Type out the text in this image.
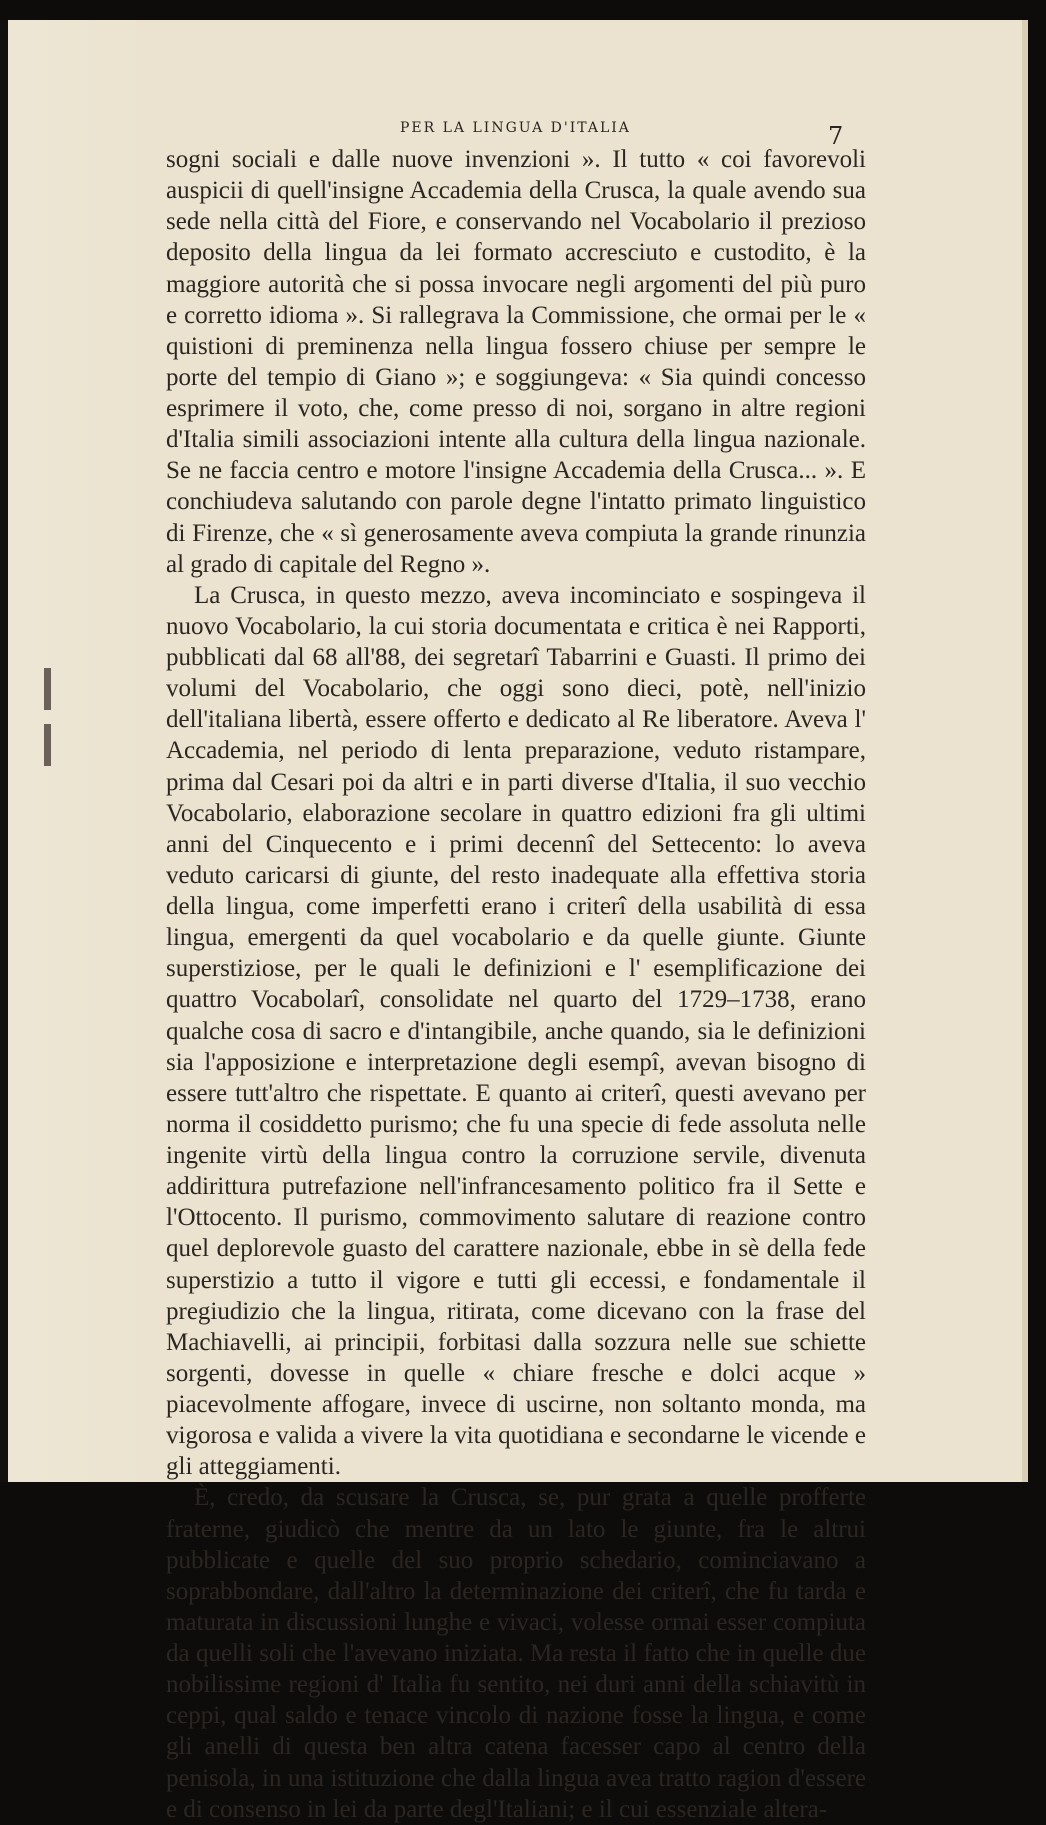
PER LA LINGUA D'ITALIA	7

sogni sociali e dalle nuove invenzioni ». Il tutto « coi favorevoli auspicii di quell'insigne Accademia della Crusca, la quale avendo sua sede nella città del Fiore, e conservando nel Vocabolario il prezioso deposito della lingua da lei formato accresciuto e custodito, è la maggiore autorità che si possa invocare negli argomenti del più puro e corretto idioma ». Si rallegrava la Commissione, che ormai per le « quistioni di preminenza nella lingua fossero chiuse per sempre le porte del tempio di Giano »; e soggiungeva: « Sia quindi concesso esprimere il voto, che, come presso di noi, sorgano in altre regioni d'Italia simili associazioni intente alla cultura della lingua nazionale. Se ne faccia centro e motore l'insigne Accademia della Crusca... ». E conchiudeva salutando con parole degne l'intatto primato linguistico di Firenze, che « sì generosamente aveva compiuta la grande rinunzia al grado di capitale del Regno ».

La Crusca, in questo mezzo, aveva incominciato e sospingeva il nuovo Vocabolario, la cui storia documentata e critica è nei Rapporti, pubblicati dal 68 all'88, dei segretarî Tabarrini e Guasti. Il primo dei volumi del Vocabolario, che oggi sono dieci, potè, nell'inizio dell'italiana libertà, essere offerto e dedicato al Re liberatore. Aveva l' Accademia, nel periodo di lenta preparazione, veduto ristampare, prima dal Cesari poi da altri e in parti diverse d'Italia, il suo vecchio Vocabolario, elaborazione secolare in quattro edizioni fra gli ultimi anni del Cinquecento e i primi decennî del Settecento: lo aveva veduto caricarsi di giunte, del resto inadequate alla effettiva storia della lingua, come imperfetti erano i criterî della usabilità di essa lingua, emergenti da quel vocabolario e da quelle giunte. Giunte superstiziose, per le quali le definizioni e l' esemplificazione dei quattro Vocabolarî, consolidate nel quarto del 1729–1738, erano qualche cosa di sacro e d'intangibile, anche quando, sia le definizioni sia l'apposizione e interpretazione degli esempî, avevan bisogno di essere tutt'altro che rispettate. E quanto ai criterî, questi avevano per norma il cosiddetto purismo; che fu una specie di fede assoluta nelle ingenite virtù della lingua contro la corruzione servile, divenuta addirittura putrefazione nell'infrancesamento politico fra il Sette e l'Ottocento. Il purismo, commovimento salutare di reazione contro quel deplorevole guasto del carattere nazionale, ebbe in sè della fede superstizio a tutto il vigore e tutti gli eccessi, e fondamentale il pregiudizio che la lingua, ritirata, come dicevano con la frase del Machiavelli, ai principii, forbitasi dalla sozzura nelle sue schiette sorgenti, dovesse in quelle « chiare fresche e dolci acque » piacevolmente affogare, invece di uscirne, non soltanto monda, ma vigorosa e valida a vivere la vita quotidiana e secondarne le vicende e gli atteggiamenti.

È, credo, da scusare la Crusca, se, pur grata a quelle profferte fraterne, giudicò che mentre da un lato le giunte, fra le altrui pubblicate e quelle del suo proprio schedario, cominciavano a soprabbondare, dall'altro la determinazione dei criterî, che fu tarda e maturata in discussioni lunghe e vivaci, volesse ormai esser compiuta da quelli soli che l'avevano iniziata. Ma resta il fatto che in quelle due nobilissime regioni d' Italia fu sentito, nei duri anni della schiavitù in ceppi, qual saldo e tenace vincolo di nazione fosse la lingua, e come gli anelli di questa ben altra catena facesser capo al centro della penisola, in una istituzione che dalla lingua avea tratto ragion d'essere e di consenso in lei da parte degl'Italiani; e il cui essenziale altera-
